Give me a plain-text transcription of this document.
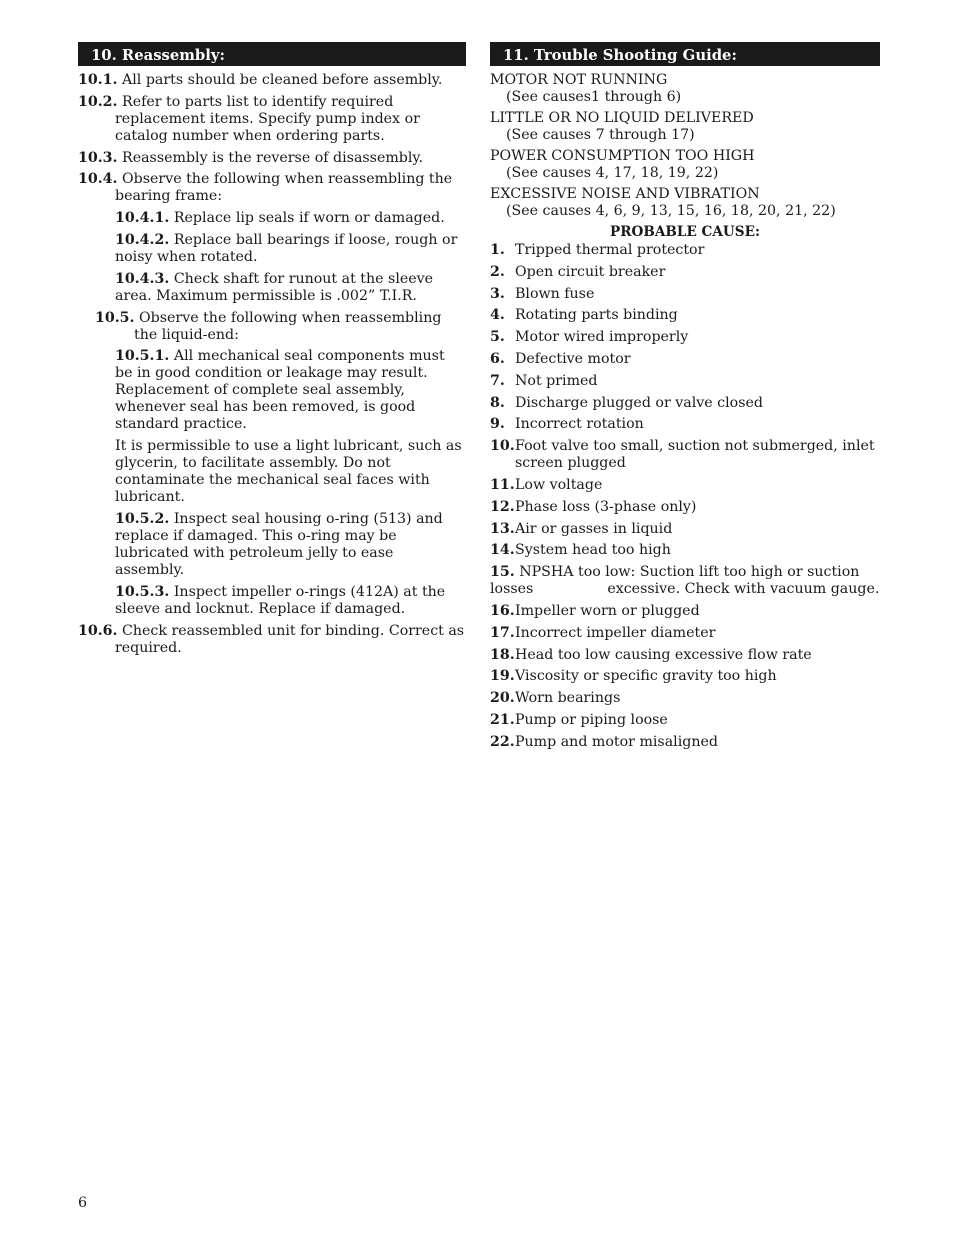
10. Reassembly:
10.1. All parts should be cleaned before assembly.
10.2. Refer to parts list to identify required replacement items. Specify pump index or catalog number when ordering parts.
10.3. Reassembly is the reverse of disassembly.
10.4. Observe the following when reassembling the bearing frame:
10.4.1. Replace lip seals if worn or damaged.
10.4.2. Replace ball bearings if loose, rough or noisy when rotated.
10.4.3. Check shaft for runout at the sleeve area. Maximum permissible is .002” T.I.R.
10.5. Observe the following when reassembling the liquid-end:
10.5.1. All mechanical seal components must be in good condition or leakage may result. Replacement of complete seal assembly, whenever seal has been removed, is good standard practice.
It is permissible to use a light lubricant, such as glycerin, to facilitate assembly. Do not contaminate the mechanical seal faces with lubricant.
10.5.2. Inspect seal housing o-ring (513) and replace if damaged. This o-ring may be lubricated with petroleum jelly to ease assembly.
10.5.3. Inspect impeller o-rings (412A) at the sleeve and locknut. Replace if damaged.
10.6. Check reassembled unit for binding. Correct as required.
11. Trouble Shooting Guide:
MOTOR NOT RUNNING
(See causes1 through 6)
LITTLE OR NO LIQUID DELIVERED
(See causes 7 through 17)
POWER CONSUMPTION TOO HIGH
(See causes 4, 17, 18, 19, 22)
EXCESSIVE NOISE AND VIBRATION
(See causes 4, 6, 9, 13, 15, 16, 18, 20, 21, 22)
PROBABLE CAUSE:
1. Tripped thermal protector
2. Open circuit breaker
3. Blown fuse
4. Rotating parts binding
5. Motor wired improperly
6. Defective motor
7. Not primed
8. Discharge plugged or valve closed
9. Incorrect rotation
10. Foot valve too small, suction not submerged, inlet screen plugged
11. Low voltage
12. Phase loss (3-phase only)
13. Air or gasses in liquid
14. System head too high
15. NPSHA too low: Suction lift too high or suction losses	excessive. Check with vacuum gauge.
16. Impeller worn or plugged
17. Incorrect impeller diameter
18. Head too low causing excessive flow rate
19. Viscosity or specific gravity too high
20. Worn bearings
21. Pump or piping loose
22. Pump and motor misaligned
6
